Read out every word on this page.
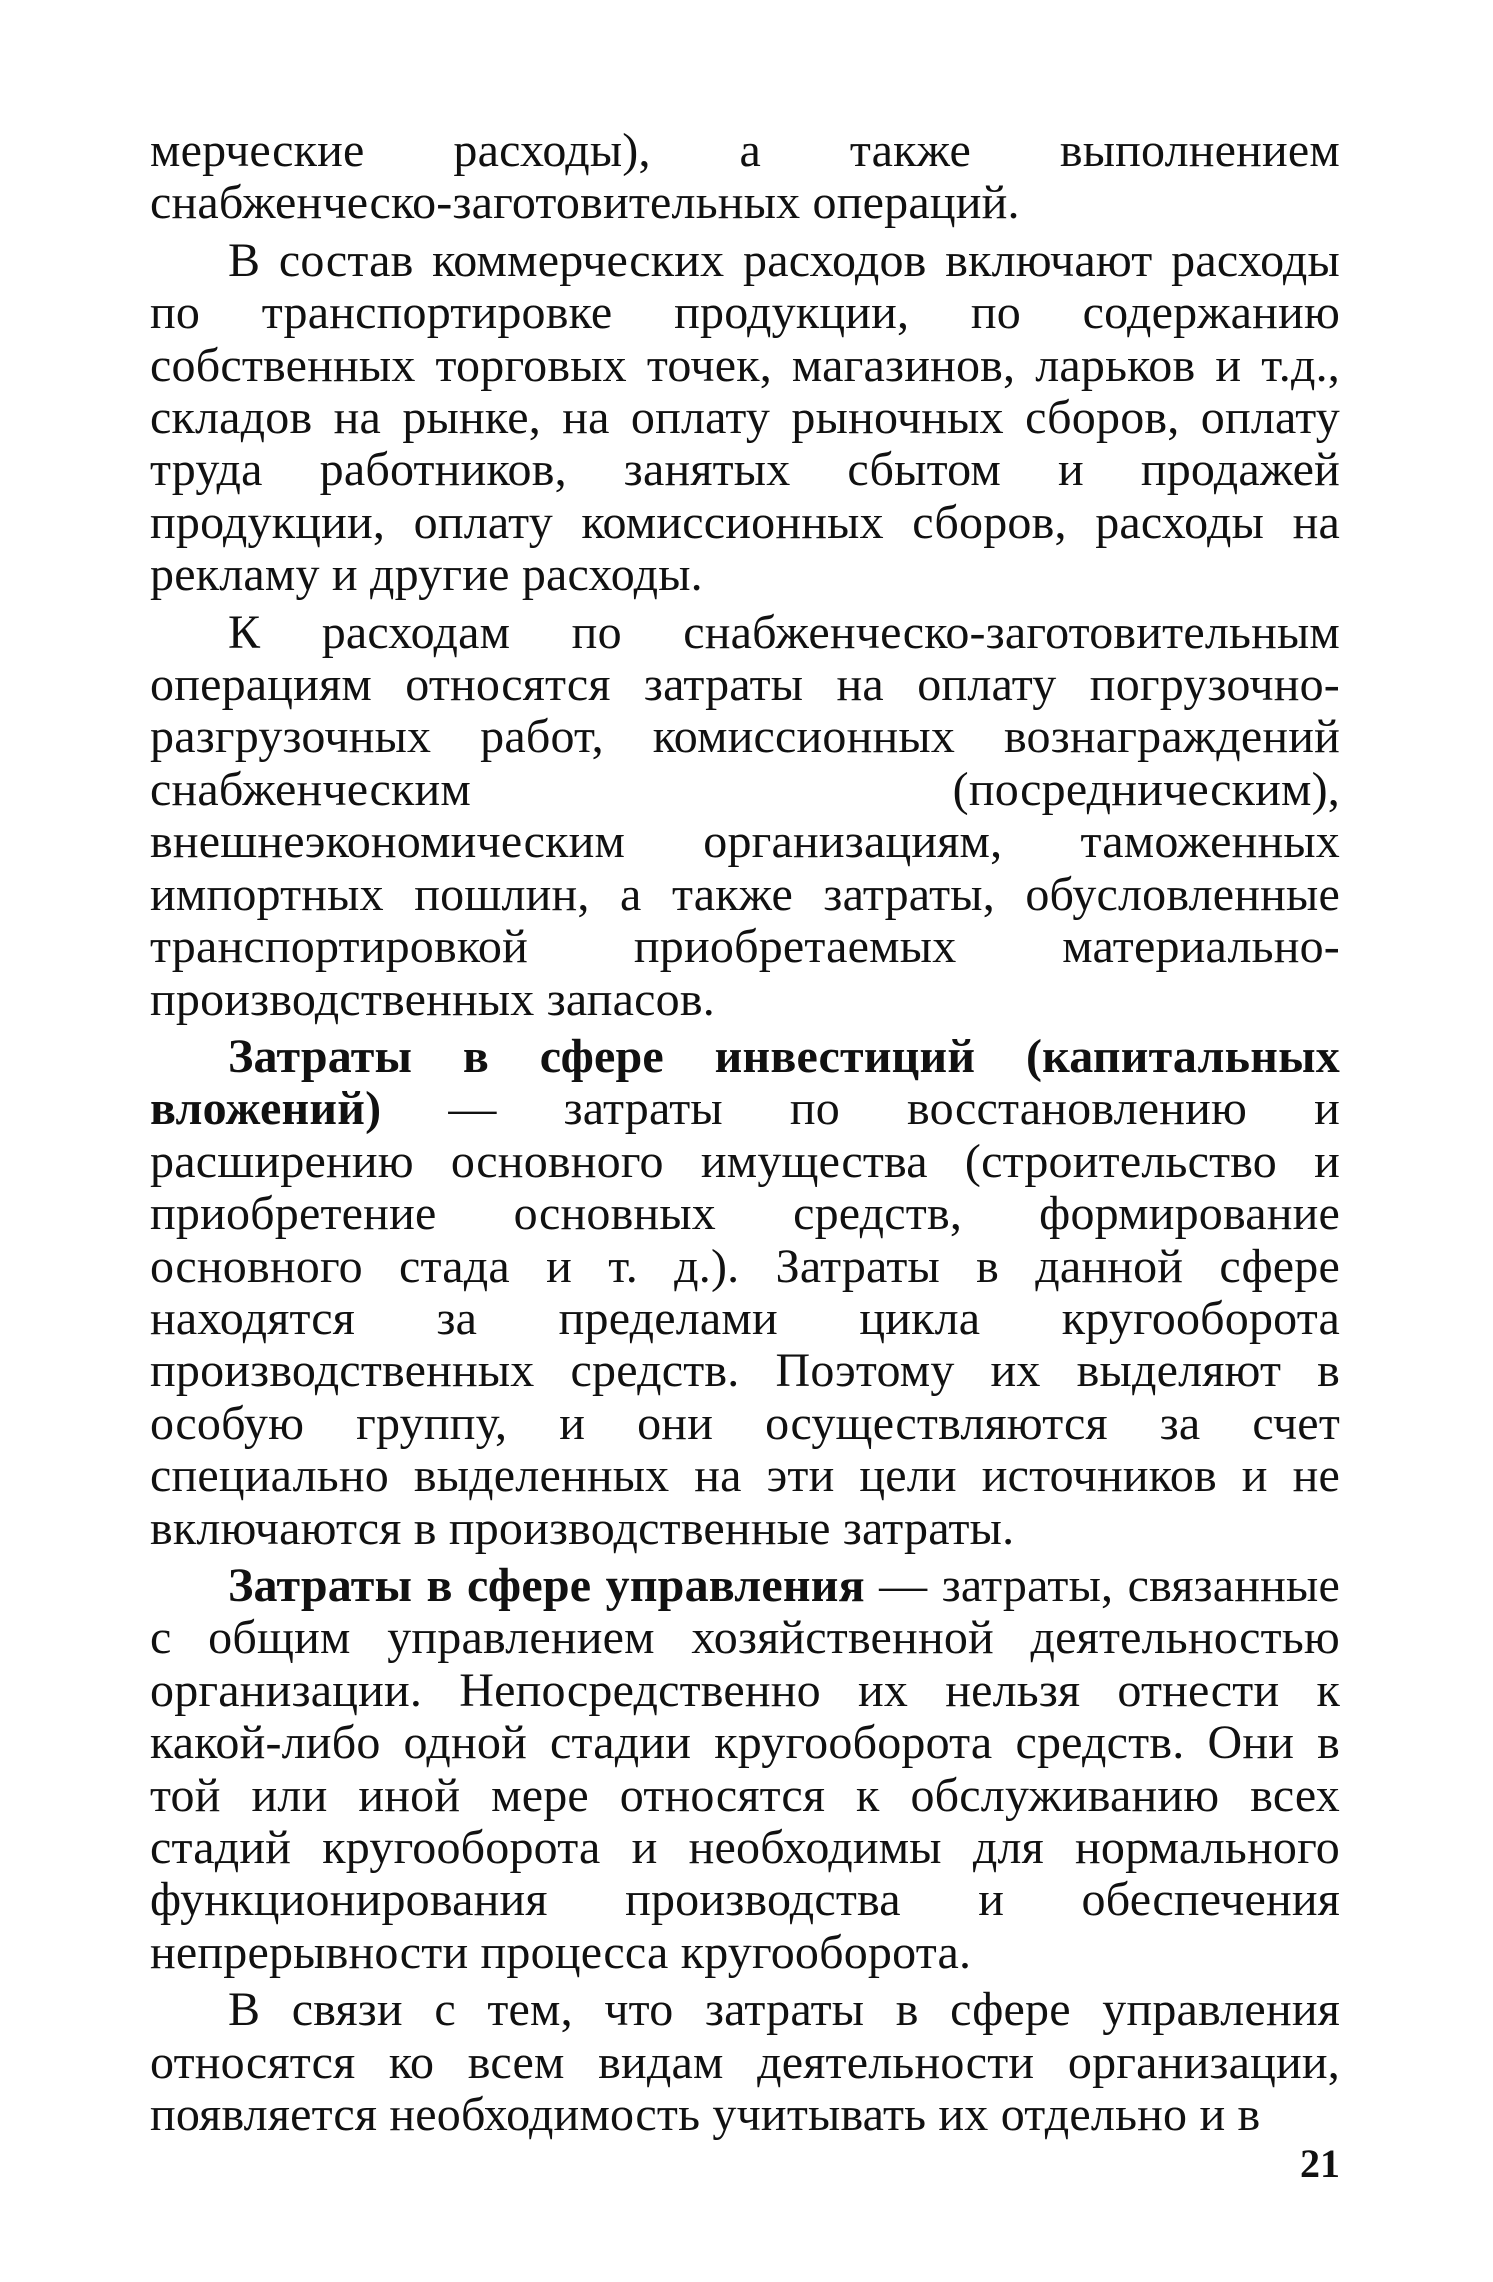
мерческие расходы), а также выполнением снабженческо-заготовительных операций.

В состав коммерческих расходов включают расходы по транспортировке продукции, по содержанию собственных торговых точек, магазинов, ларьков и т.д., складов на рынке, на оплату рыночных сборов, оплату труда работников, занятых сбытом и продажей продукции, оплату комиссионных сборов, расходы на рекламу и другие расходы.

К расходам по снабженческо-заготовительным операциям относятся затраты на оплату погрузочно-разгрузочных работ, комиссионных вознаграждений снабженческим (посредническим), внешнеэкономическим организациям, таможенных импортных пошлин, а также затраты, обусловленные транспортировкой приобретаемых материально-производственных запасов.

Затраты в сфере инвестиций (капитальных вложений) — затраты по восстановлению и расширению основного имущества (строительство и приобретение основных средств, формирование основного стада и т. д.). Затраты в данной сфере находятся за пределами цикла кругооборота производственных средств. Поэтому их выделяют в особую группу, и они осуществляются за счет специально выделенных на эти цели источников и не включаются в производственные затраты.

Затраты в сфере управления — затраты, связанные с общим управлением хозяйственной деятельностью организации. Непосредственно их нельзя отнести к какой-либо одной стадии кругооборота средств. Они в той или иной мере относятся к обслуживанию всех стадий кругооборота и необходимы для нормального функционирования производства и обеспечения непрерывности процесса кругооборота.

В связи с тем, что затраты в сфере управления относятся ко всем видам деятельности организации, появляется необходимость учитывать их отдельно и в

21
